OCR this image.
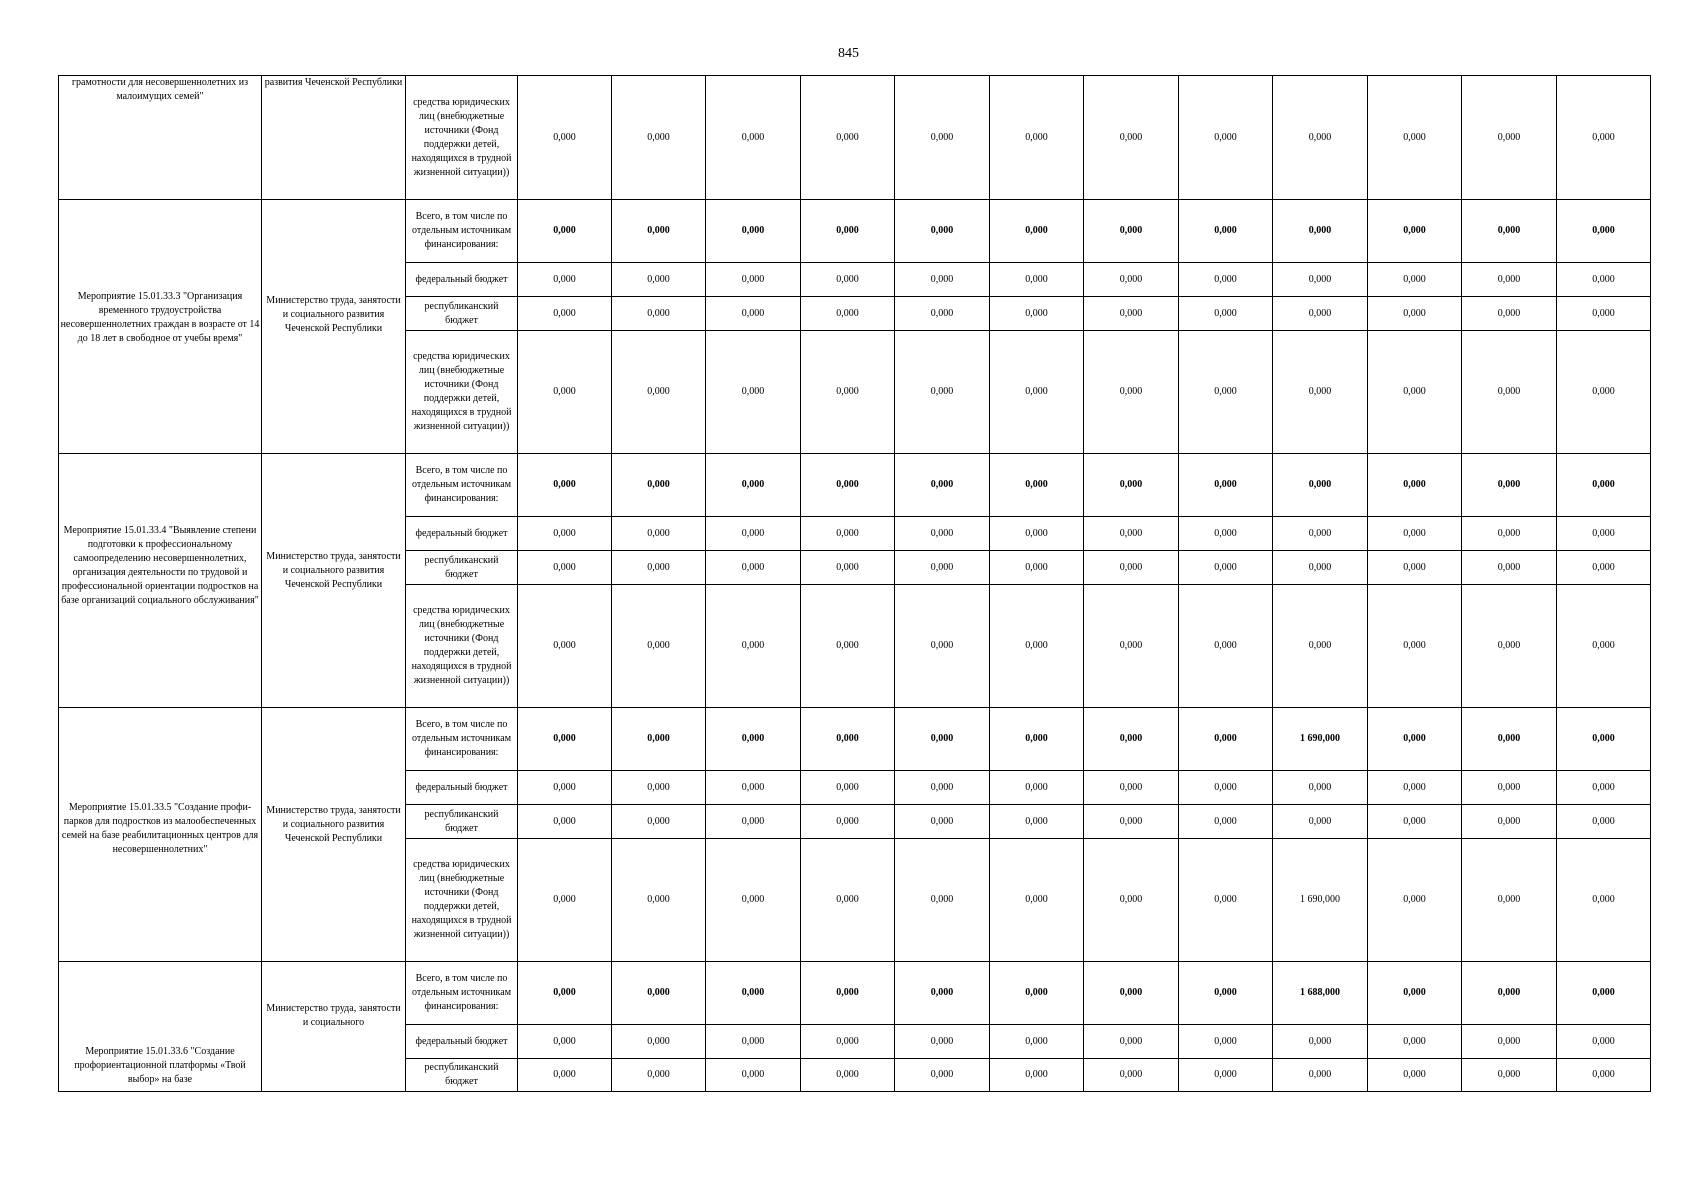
845
грамотности для несовершеннолетних из малоимущих семей"	развития Чеченской Республики	средства юридических лиц (внебюджетные источники (Фонд поддержки детей, находящихся в трудной жизненной ситуации))	0,000	0,000	0,000	0,000	0,000	0,000	0,000	0,000	0,000	0,000	0,000	0,000

Мероприятие 15.01.33.3 "Организация временного трудоустройства несовершеннолетних граждан в возрасте от 14 до 18 лет в свободное от учебы время"	Министерство труда, занятости и социального развития Чеченской Республики	Всего, в том числе по отдельным источникам финансирования:	0,000	0,000	0,000	0,000	0,000	0,000	0,000	0,000	0,000	0,000	0,000	0,000
		федеральный бюджет	0,000	0,000	0,000	0,000	0,000	0,000	0,000	0,000	0,000	0,000	0,000	0,000
		республиканский бюджет	0,000	0,000	0,000	0,000	0,000	0,000	0,000	0,000	0,000	0,000	0,000	0,000
		средства юридических лиц (внебюджетные источники (Фонд поддержки детей, находящихся в трудной жизненной ситуации))	0,000	0,000	0,000	0,000	0,000	0,000	0,000	0,000	0,000	0,000	0,000	0,000

Мероприятие 15.01.33.4 "Выявление степени подготовки к профессиональному самоопределению несовершеннолетних, организация деятельности по трудовой и профессиональной ориентации подростков на базе организаций социального обслуживания"	Министерство труда, занятости и социального развития Чеченской Республики	Всего, в том числе по отдельным источникам финансирования:	0,000	0,000	0,000	0,000	0,000	0,000	0,000	0,000	0,000	0,000	0,000	0,000
		федеральный бюджет	0,000	0,000	0,000	0,000	0,000	0,000	0,000	0,000	0,000	0,000	0,000	0,000
		республиканский бюджет	0,000	0,000	0,000	0,000	0,000	0,000	0,000	0,000	0,000	0,000	0,000	0,000
		средства юридических лиц (внебюджетные источники (Фонд поддержки детей, находящихся в трудной жизненной ситуации))	0,000	0,000	0,000	0,000	0,000	0,000	0,000	0,000	0,000	0,000	0,000	0,000

Мероприятие 15.01.33.5 "Создание профи-парков для подростков из малообеспеченных семей на базе реабилитационных центров для несовершеннолетних"	Министерство труда, занятости и социального развития Чеченской Республики	Всего, в том числе по отдельным источникам финансирования:	0,000	0,000	0,000	0,000	0,000	0,000	0,000	0,000	1 690,000	0,000	0,000	0,000
		федеральный бюджет	0,000	0,000	0,000	0,000	0,000	0,000	0,000	0,000	0,000	0,000	0,000	0,000
		республиканский бюджет	0,000	0,000	0,000	0,000	0,000	0,000	0,000	0,000	0,000	0,000	0,000	0,000
		средства юридических лиц (внебюджетные источники (Фонд поддержки детей, находящихся в трудной жизненной ситуации))	0,000	0,000	0,000	0,000	0,000	0,000	0,000	0,000	1 690,000	0,000	0,000	0,000

Мероприятие 15.01.33.6 "Создание профориентационной платформы «Твой выбор» на базе	Министерство труда, занятости и социального	Всего, в том числе по отдельным источникам финансирования:	0,000	0,000	0,000	0,000	0,000	0,000	0,000	0,000	1 688,000	0,000	0,000	0,000
		федеральный бюджет	0,000	0,000	0,000	0,000	0,000	0,000	0,000	0,000	0,000	0,000	0,000	0,000
		республиканский бюджет	0,000	0,000	0,000	0,000	0,000	0,000	0,000	0,000	0,000	0,000	0,000	0,000
